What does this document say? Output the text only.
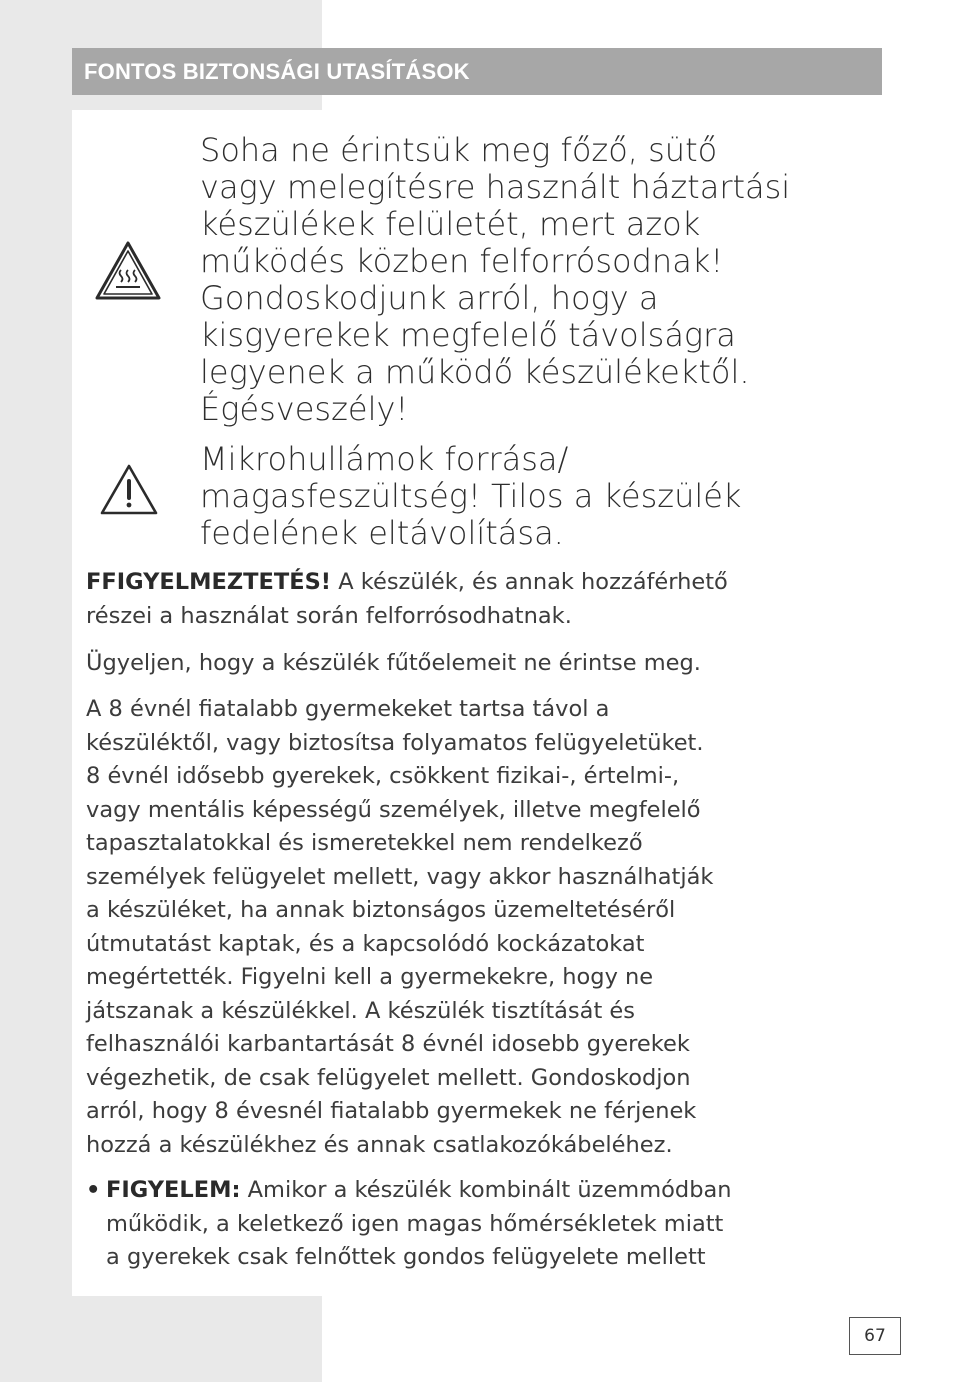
FONTOS BIZTONSÁGI UTASÍTÁSOK

Soha ne érintsük meg főző, sütő
vagy melegítésre használt háztartási
készülékek felületét, mert azok
működés közben felforrósodnak!
Gondoskodjunk arról, hogy a
kisgyerekek megfelelő távolságra
legyenek a működő készülékektől.
Égésveszély!

Mikrohullámok forrása/
magasfeszültség! Tilos a készülék
fedelének eltávolítása.

FFIGYELMEZTETÉS! A készülék, és annak hozzáférhető
részei a használat során felforrósodhatnak.

Ügyeljen, hogy a készülék fűtőelemeit ne érintse meg.

A 8 évnél fiatalabb gyermekeket tartsa távol a
készüléktől, vagy biztosítsa folyamatos felügyeletüket.
8 évnél idősebb gyerekek, csökkent fizikai-, értelmi-,
vagy mentális képességű személyek, illetve megfelelő
tapasztalatokkal és ismeretekkel nem rendelkező
személyek felügyelet mellett, vagy akkor használhatják
a készüléket, ha annak biztonságos üzemeltetéséről
útmutatást kaptak, és a kapcsolódó kockázatokat
megértették. Figyelni kell a gyermekekre, hogy ne
játszanak a készülékkel. A készülék tisztítását és
felhasználói karbantartását 8 évnél idosebb gyerekek
végezhetik, de csak felügyelet mellett. Gondoskodjon
arról, hogy 8 évesnél fiatalabb gyermekek ne férjenek
hozzá a készülékhez és annak csatlakozókábeléhez.

• FIGYELEM: Amikor a készülék kombinált üzemmódban
működik, a keletkező igen magas hőmérsékletek miatt
a gyerekek csak felnőttek gondos felügyelete mellett

67
